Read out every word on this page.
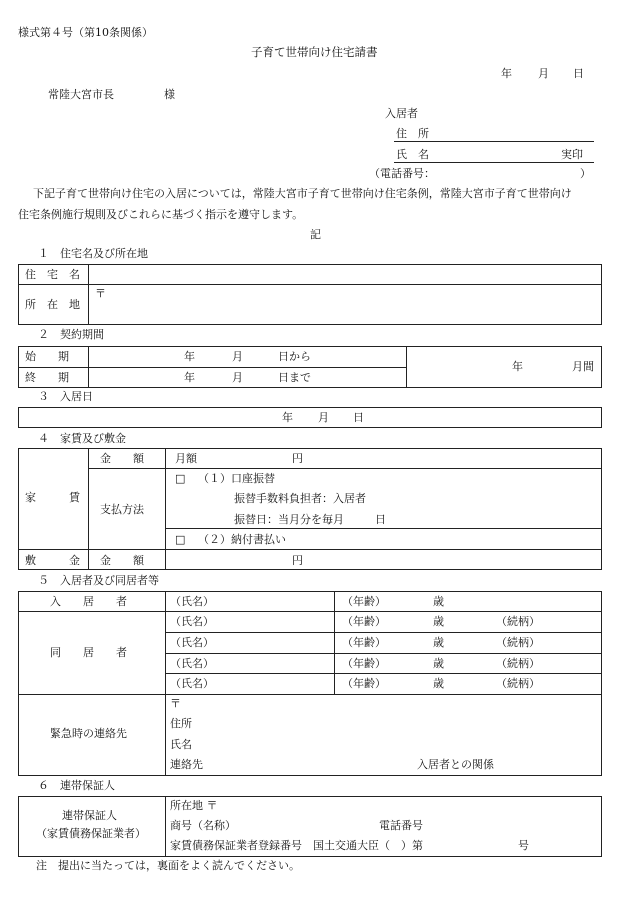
様式第４号（第10条関係）
子育て世帯向け住宅請書
年 月 日
常陸大宮市長	様
入居者
住　所
氏　名	実印
（電話番号：	）
下記子育て世帯向け住宅の入居については，常陸大宮市子育て世帯向け住宅条例，常陸大宮市子育て世帯向け
住宅条例施行規則及びこれらに基づく指示を遵守します。
記
１　住宅名及び所在地
住　宅　名
所　在　地
〒
２　契約期間
始　　期	年	月	日から
終　　期	年	月	日まで
年	月間
３　入居日
年 月 日
４　家賃及び敷金
家　　　賃
金　　額	月額	円
支払方法
□ （１）口座振替
振替手数料負担者：入居者
振替日：当月分を毎月	日
□ （２）納付書払い
敷　　　金 金　　額	円
５　入居者及び同居者等
入　　居　　者	（氏名）	（年齢）	歳
同　　居　　者
（氏名）	（年齢）	歳	（続柄）
（氏名）	（年齢）	歳	（続柄）
（氏名）	（年齢）	歳	（続柄）
（氏名）	（年齢）	歳	（続柄）
緊急時の連絡先
〒
住所
氏名
連絡先	入居者との関係
６　連帯保証人
連帯保証人
（家賃債務保証業者）
所在地 〒
商号（名称）	電話番号
家賃債務保証業者登録番号　国土交通大臣（　）第	号
注　提出に当たっては，裏面をよく読んでください。
